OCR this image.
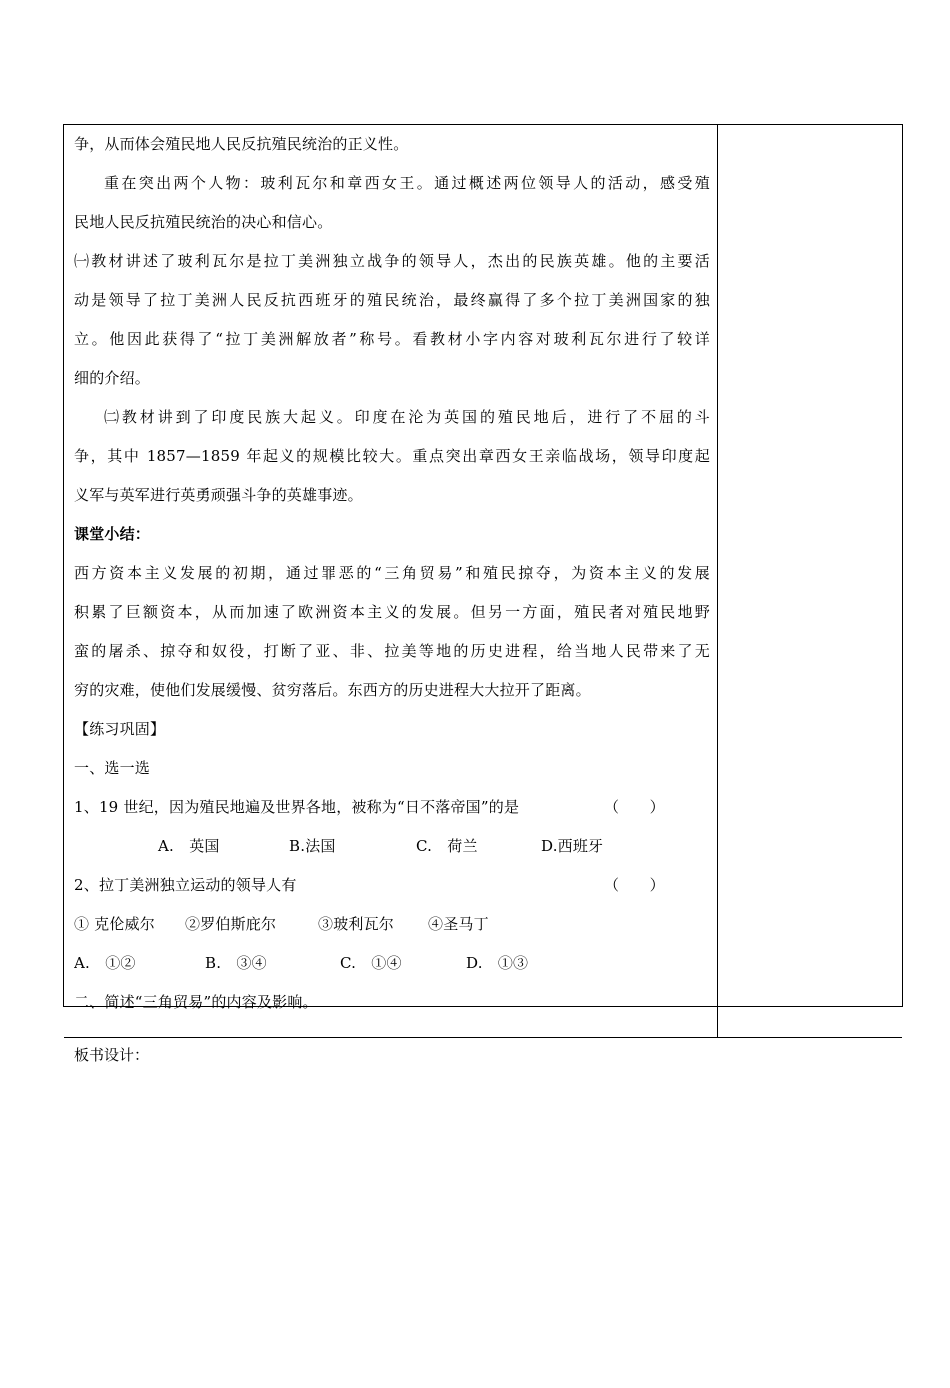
争，从而体会殖民地人民反抗殖民统治的正义性。
重在突出两个人物：玻利瓦尔和章西女王。通过概述两位领导人的活动，感受殖
民地人民反抗殖民统治的决心和信心。
㈠教材讲述了玻利瓦尔是拉丁美洲独立战争的领导人，杰出的民族英雄。他的主要活
动是领导了拉丁美洲人民反抗西班牙的殖民统治，最终赢得了多个拉丁美洲国家的独
立。他因此获得了“拉丁美洲解放者”称号。看教材小字内容对玻利瓦尔进行了较详
细的介绍。
㈡教材讲到了印度民族大起义。印度在沦为英国的殖民地后，进行了不屈的斗
争，其中 1857—1859 年起义的规模比较大。重点突出章西女王亲临战场，领导印度起
义军与英军进行英勇顽强斗争的英雄事迹。
课堂小结：
西方资本主义发展的初期，通过罪恶的“三角贸易”和殖民掠夺，为资本主义的发展
积累了巨额资本，从而加速了欧洲资本主义的发展。但另一方面，殖民者对殖民地野
蛮的屠杀、掠夺和奴役，打断了亚、非、拉美等地的历史进程，给当地人民带来了无
穷的灾难，使他们发展缓慢、贫穷落后。东西方的历史进程大大拉开了距离。
【练习巩固】
一、选一选
1、19 世纪，因为殖民地遍及世界各地，被称为“日不落帝国”的是	（　　）
A.　英国	B.法国	C.　荷兰	D.西班牙
2、拉丁美洲独立运动的领导人有	（　　）
① 克伦威尔 ②罗伯斯庇尔	③玻利瓦尔 ④圣马丁
A.　①②	B.　③④	C.　①④	D.　①③
二、简述“三角贸易”的内容及影响。
板书设计：
